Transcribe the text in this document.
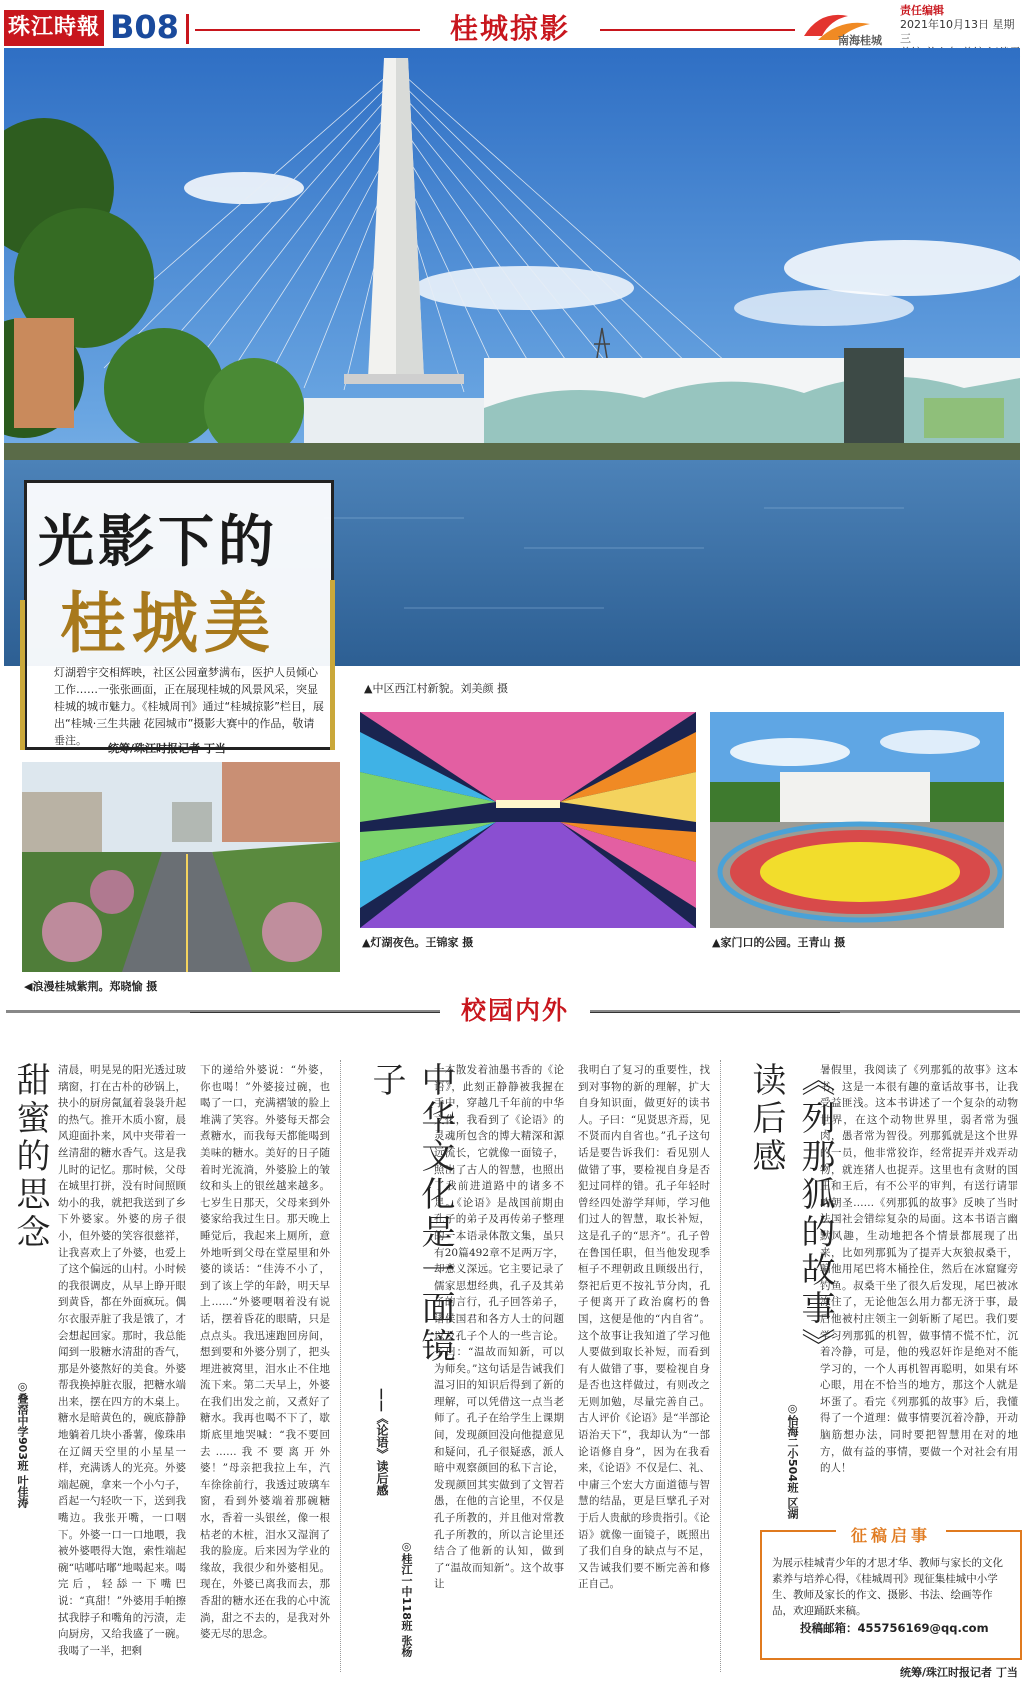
珠江時報 B08	桂城掠影	南海桂城
责任编辑
2021年10月13日 星期三
光影下的
桂城美
灯湖碧宇交相辉映，社区公园童梦满布，医护人员倾心工作……一张张画面，正在展现桂城的风景风采，突显桂城的城市魅力。《桂城周刊》通过“桂城掠影”栏目，展出“桂城·三生共融 花园城市”摄影大赛中的作品，敬请垂注。
统筹/珠江时报记者 丁当
▲中区西江村新貌。刘美颜 摄
◀浪漫桂城紫荆。郑晓愉 摄
▲灯湖夜色。王锦家 摄	▲家门口的公园。王青山 摄
校园内外
甜蜜的思念
◎叠滘中学903班 叶佳涛
清晨，明晃晃的阳光透过玻璃窗，打在古朴的砂锅上，抉小的厨房氤氲着袅袅升起的热气。推开木质小窗，晨风迎面扑来，风中夹带着一丝清甜的糖水香气。这是我儿时的记忆。那时候，父母在城里打拼，没有时间照顾幼小的我，就把我送到了乡下外婆家。外婆的房子很小，但外婆的笑容很慈祥，让我喜欢上了外婆，也爱上了这个偏远的山村。小时候的我很调皮，从早上睁开眼到黄昏，都在外面疯玩。偶尔衣服弄脏了我是饿了，才会想起回家。那时，我总能闻到一股糖水清甜的香气，那是外婆熬好的美食。外婆帮我换掉脏衣服，把糖水端出来，摆在四方的木桌上。糖水是暗黄色的，碗底静静地躺着几块小番薯，像珠串在辽阔天空里的小星星一样，充满诱人的光亮。外婆端起碗，拿来一个小勺子，舀起一勺轻吹一下，送到我嘴边。我张开嘴，一口咽下。外婆一口一口地喂，我被外婆喂得大饱，索性端起碗“咕嘟咕嘟”地喝起来。喝完后，轻舔一下嘴巴说：“真甜！”外婆用手帕擦拭我脖子和嘴角的污渍，走向厨房，又给我盛了一碗。我喝了一半，把剩
下的递给外婆说：“外婆，你也喝！”外婆接过碗，也喝了一口，充满褶皱的脸上堆满了笑容。外婆每天都会煮糖水，而我每天都能喝到美味的糖水。美好的日子随着时光流淌，外婆脸上的皱纹和头上的银丝越来越多。七岁生日那天，父母来到外婆家给我过生日。那天晚上睡觉后，我起来上厕所，意外地听到父母在堂屋里和外婆的谈话：“佳涛不小了，到了该上学的年龄，明天早上……”外婆哽咽着没有说话，摆着昏花的眼睛，只是点点头。我迅速跑回房间，想到要和外婆分别了，把头埋进被窝里，泪水止不住地流下来。第二天早上，外婆在我们出发之前，又煮好了糖水。我再也喝不下了，歇斯底里地哭喊：“我不要回去……我不要离开外婆！”母亲把我拉上车，汽车徐徐前行，我透过玻璃车窗，看到外婆端着那碗糖水，香着一头银丝，像一根枯老的木桩，泪水又湿润了我的脸庞。后来因为学业的缘故，我很少和外婆相见。现在，外婆已离我而去，那香甜的糖水还在我的心中流淌，甜之不去的，是我对外婆无尽的思念。
中华文化是一面镜子
——《论语》读后感
◎桂江一中118班 张杨
一本散发着油墨书香的《论语》，此刻正静静被我握在手中，穿越几千年前的中华文化，我看到了《论语》的灵魂所包含的博大精深和源远流长，它就像一面镜子，照出了古人的智慧，也照出了我前进道路中的诸多不足。《论语》是战国前期由孔子的弟子及再传弟子整理的一本语录体散文集，虽只有20篇492章不足两万字，却意义深远。它主要记录了儒家思想经典，孔子及其弟子的言行，孔子回答弟子，诸侯国君和各方人士的问题以及孔子个人的一些言论。子曰：“温故而知新，可以为师矣。”这句话是告诫我们温习旧的知识后得到了新的理解，可以凭借这一点当老师了。孔子在给学生上课期间，发现颜回没向他提意见和疑问，孔子很疑惑，派人暗中观察颜回的私下言论，发现颜回其实做到了文智若愚，在他的言论里，不仅是孔子所教的，并且他对常教孔子所教的，所以言论里还结合了他新的认知，做到了“温故而知新”。这个故事让
我明白了复习的重要性，找到对事物的新的理解，扩大自身知识面，做更好的读书人。子曰：“见贤思齐焉，见不贤而内自省也。”孔子这句话是要告诉我们：看见别人做错了事，要检视自身是否犯过同样的错。孔子年轻时曾经四处游学拜师，学习他们过人的智慧，取长补短，这是孔子的“思齐”。孔子曾在鲁国任职，但当他发现季桓子不理朝政且顾级出行，祭祀后更不按礼节分肉，孔子便离开了政治腐朽的鲁国，这便是他的“内自省”。这个故事让我知道了学习他人要做到取长补短，而看到有人做错了事，要检视自身是否也这样做过，有则改之无则加勉，尽量完善自己。古人评价《论语》是“半部论语治天下”，我却认为“一部论语修自身”，因为在我看来，《论语》不仅是仁、礼、中庸三个宏大方面道德与智慧的结晶，更是巨擘孔子对于后人贵献的珍贵指引。《论语》就像一面镜子，既照出了我们自身的缺点与不足，又告诫我们要不断完善和修正自己。
《列那狐的故事》读后感
◎怡海二小504班 区湖
暑假里，我阅读了《列那狐的故事》这本书，这是一本很有趣的童话故事书，让我受益匪浅。这本书讲述了一个复杂的动物世界，在这个动物世界里，弱者常为强肉，愚者常为智役。列那狐就是这个世界的一员，他非常狡诈，经常捉弄并戏弄动物，就连猪人也捉弄。这里也有贪财的国王和王后，有不公平的审判，有送行请罪的朝圣……《列那狐的故事》反映了当时法国社会错综复杂的局面。这本书语言幽默风趣，生动地把各个情景都展现了出来，比如列那狐为了提弄大灰狼叔桑干，骗他用尾巴将木桶拴住，然后在冰窟窿旁钓鱼。叔桑干坐了很久后发现，尾巴被冰冻住了，无论他怎么用力都无济于事，最后他被村庄领主一剑斩断了尾巴。我们要学习列那狐的机智，做事情不慌不忙，沉着冷静，可是，他的残忍奸诈是绝对不能学习的，一个人再机智再聪明，如果有坏心眼，用在不恰当的地方，那这个人就是坏蛋了。看完《列那狐的故事》后，我懂得了一个道理：做事情要沉着冷静，开动脑筋想办法，同时要把智慧用在对的地方，做有益的事情，要做一个对社会有用的人！
征稿启事
为展示桂城青少年的才思才华、教师与家长的文化素养与培养心得，《桂城周刊》现征集桂城中小学生、教师及家长的作文、摄影、书法、绘画等作品，欢迎踊跃来稿。
投稿邮箱：455756169@qq.com
统筹/珠江时报记者 丁当
